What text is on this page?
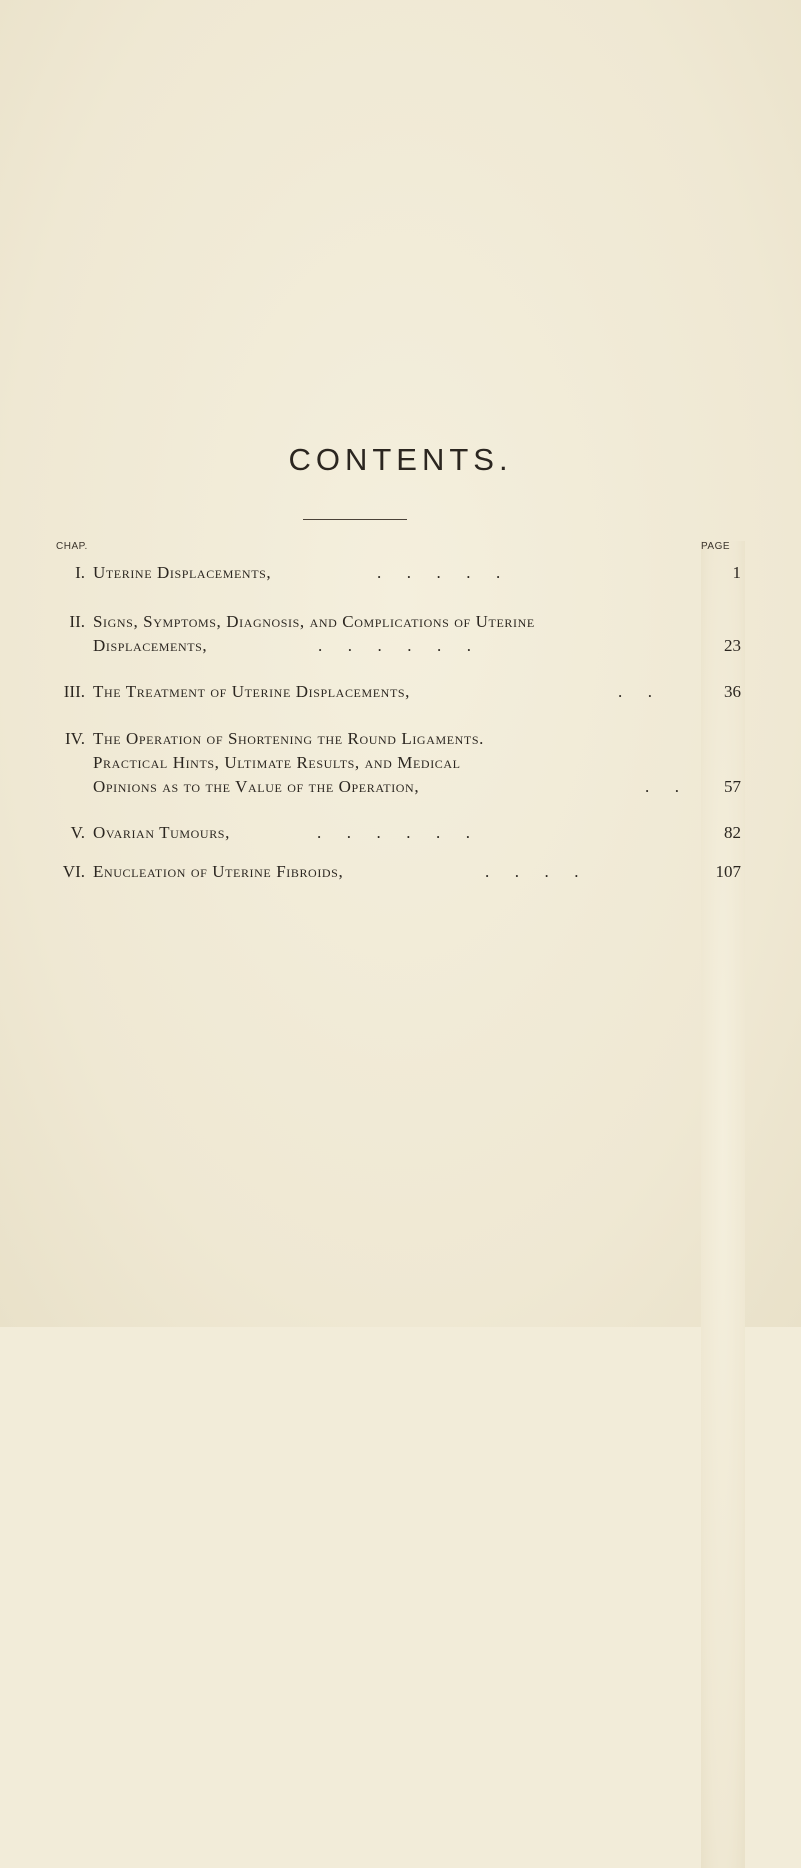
CONTENTS.
CHAP.	PAGE
I. Uterine Displacements,	.      .      .      .      .	1
II. Signs, Symptoms, Diagnosis, and Complications of Uterine
Displacements,	.      .      .      .      .      .	23
III. The Treatment of Uterine Displacements,	.      .	36
IV. The Operation of Shortening the Round Ligaments.
Practical Hints, Ultimate Results, and Medical
Opinions as to the Value of the Operation,	.      .	57
V. Ovarian Tumours,	.      .      .      .      .      .	82
VI. Enucleation of Uterine Fibroids,	.      .      .      .	107
